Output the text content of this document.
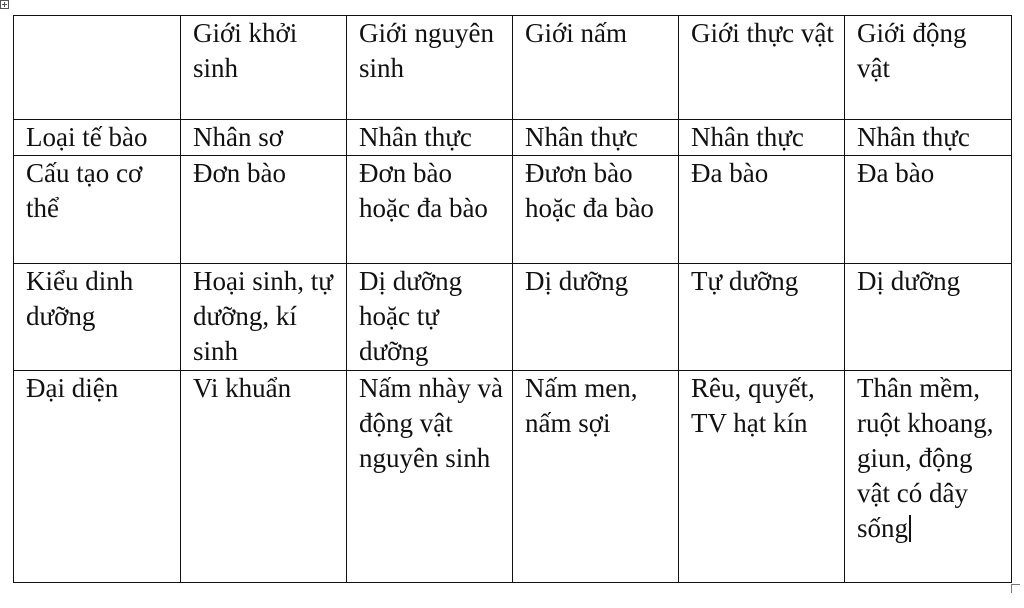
	Giới khởi sinh	Giới nguyên sinh	Giới nấm	Giới thực vật	Giới động vật
Loại tế bào	Nhân sơ	Nhân thực	Nhân thực	Nhân thực	Nhân thực
Cấu tạo cơ thể	Đơn bào	Đơn bào hoặc đa bào	Đươn bào hoặc đa bào	Đa bào	Đa bào
Kiểu dinh dưỡng	Hoại sinh, tự dưỡng, kí sinh	Dị dưỡng hoặc tự dưỡng	Dị dưỡng	Tự dưỡng	Dị dưỡng
Đại diện	Vi khuẩn	Nấm nhày và động vật nguyên sinh	Nấm men, nấm sợi	Rêu, quyết, TV hạt kín	Thân mềm, ruột khoang, giun, động vật có dây sống
